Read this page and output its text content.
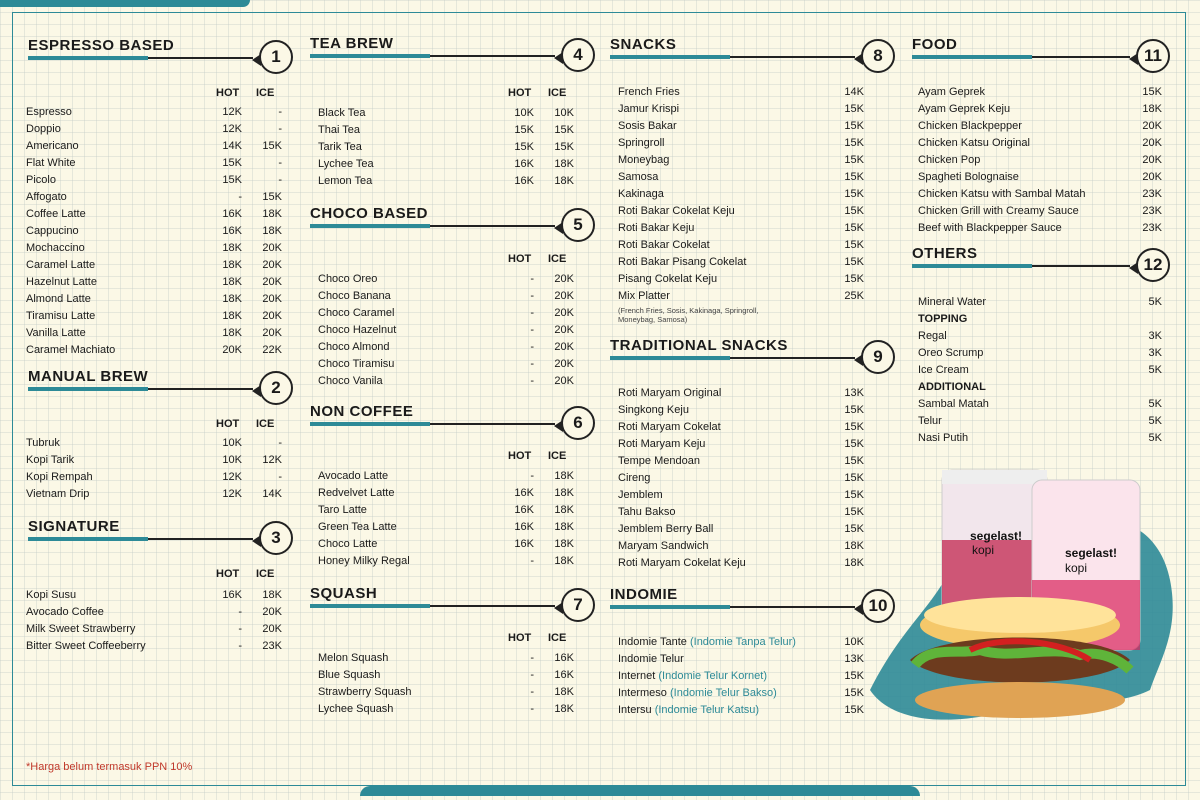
ESPRESSO BASED
1
HOT ICE
Espresso	12K	-
Doppio	12K	-
Americano	14K	15K
Flat White	15K	-
Picolo	15K	-
Affogato	-	15K
Coffee Latte	16K	18K
Cappucino	16K	18K
Mochaccino	18K	20K
Caramel Latte	18K	20K
Hazelnut Latte	18K	20K
Almond Latte	18K	20K
Tiramisu Latte	18K	20K
Vanilla Latte	18K	20K
Caramel Machiato	20K	22K
MANUAL BREW
2
HOT ICE
Tubruk	10K	-
Kopi Tarik	10K	12K
Kopi Rempah	12K	-
Vietnam Drip	12K	14K
SIGNATURE
3
HOT ICE
Kopi Susu	16K	18K
Avocado Coffee	-	20K
Milk Sweet Strawberry	-	20K
Bitter Sweet Coffeeberry	-	23K
TEA BREW
4
HOT ICE
Black Tea	10K	10K
Thai Tea	15K	15K
Tarik Tea	15K	15K
Lychee Tea	16K	18K
Lemon Tea	16K	18K
CHOCO BASED
5
HOT ICE
Choco Oreo	-	20K
Choco Banana	-	20K
Choco Caramel	-	20K
Choco Hazelnut	-	20K
Choco Almond	-	20K
Choco Tiramisu	-	20K
Choco Vanila	-	20K
NON COFFEE
6
HOT ICE
Avocado Latte	-	18K
Redvelvet Latte	16K	18K
Taro Latte	16K	18K
Green Tea Latte	16K	18K
Choco Latte	16K	18K
Honey Milky Regal	-	18K
SQUASH
7
HOT ICE
Melon Squash	-	16K
Blue Squash	-	16K
Strawberry Squash	-	18K
Lychee Squash	-	18K
SNACKS
8
French Fries	14K
Jamur Krispi	15K
Sosis Bakar	15K
Springroll	15K
Moneybag	15K
Samosa	15K
Kakinaga	15K
Roti Bakar Cokelat Keju	15K
Roti Bakar Keju	15K
Roti Bakar Cokelat	15K
Roti Bakar Pisang Cokelat	15K
Pisang Cokelat Keju	15K
Mix Platter	25K
(French Fries, Sosis, Kakinaga, Springroll,
Moneybag, Samosa)
TRADITIONAL SNACKS
9
Roti Maryam Original	13K
Singkong Keju	15K
Roti Maryam Cokelat	15K
Roti Maryam Keju	15K
Tempe Mendoan	15K
Cireng	15K
Jemblem	15K
Tahu Bakso	15K
Jemblem Berry Ball	15K
Maryam Sandwich	18K
Roti Maryam Cokelat Keju	18K
INDOMIE
10
Indomie Tante (Indomie Tanpa Telur)	10K
Indomie Telur	13K
Internet (Indomie Telur Kornet)	15K
Intermeso (Indomie Telur Bakso)	15K
Intersu (Indomie Telur Katsu)	15K
FOOD
11
Ayam Geprek	15K
Ayam Geprek Keju	18K
Chicken Blackpepper	20K
Chicken Katsu Original	20K
Chicken Pop	20K
Spagheti Bolognaise	20K
Chicken Katsu with Sambal Matah	23K
Chicken Grill with Creamy Sauce	23K
Beef with Blackpepper Sauce	23K
OTHERS
12
Mineral Water	5K
TOPPING
Regal	3K
Oreo Scrump	3K
Ice Cream	5K
ADDITIONAL
Sambal Matah	5K
Telur	5K
Nasi Putih	5K
segelast!
kopi	segelast!
kopi
*Harga belum termasuk PPN 10%
